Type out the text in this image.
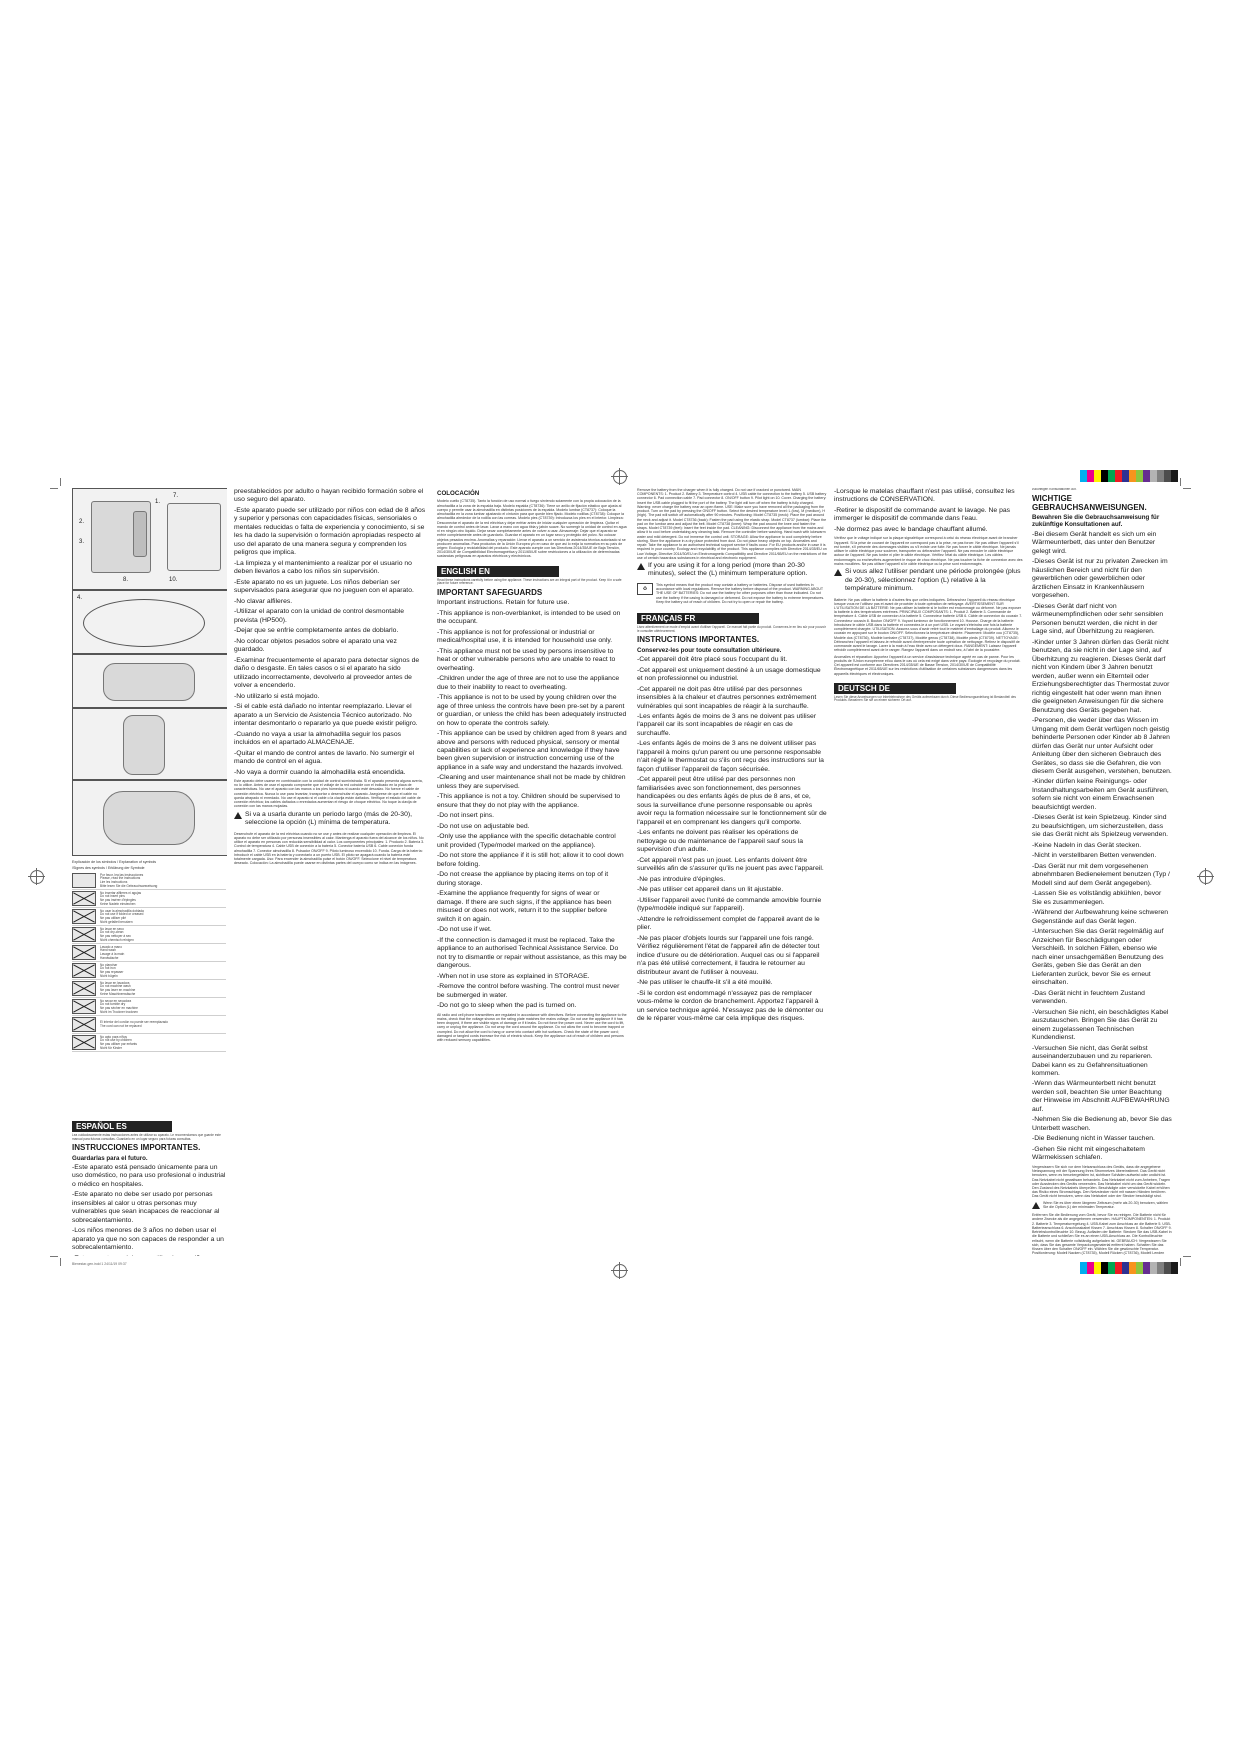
1.
2.
3.
7.
8.	10.
4.

Explicación de los símbolos / Explanation of symbols

/Signes des symbols / Erklärung der Symbole

Por favor, lea las instrucciones
Please, read the instructions
Lire les instructions
Bitte lesen Sie die Gebrauchsanweisung
No insertar alfileres ni agujas
Do not insert pins
Ne pas insérer d'épingles
Keine Nadeln einstechen
No usar la almohadilla doblada
Do not use if folded or creased
Ne pas utiliser plié
Nicht gefaltet benutzen
No lavar en seco
Do not dry-clean
Ne pas nettoyer à sec
Nicht chemisch reinigen
Lavado a mano
Hand wash
Lavage à la main
Handwäsche
No planchar
Do not iron
Ne pas repasser
Nicht bügeln
No lavar en lavadora
Do not machine wash
Ne pas laver en machine
Keine Maschinenwäsche
No secar en secadora
Do not tumble dry
Ne pas sécher en machine
Nicht im Trockner trocknen
El interior del cordón no puede ser reemplazado
The cord can not be replaced
No apto para niños
Do not use by children
Ne pas utiliser par enfants
Nicht für Kinder
ESPAÑOL ES

Lea cuidadosamente estas instrucciones antes de utilizar su aparato. Le recomendamos que guarde este manual para futuras consultas. Guardarlo en un lugar seguro para futuras consultas.

INSTRUCCIONES IMPORTANTES.

Guardarlas para el futuro.

-Este aparato está pensado únicamente para un uso doméstico, no para uso profesional o industrial o médico en hospitales.

-Este aparato no debe ser usado por personas insensibles al calor u otras personas muy vulnerables que sean incapaces de reaccionar al sobrecalentamiento.

-Los niños menores de 3 años no deben usar el aparato ya que no son capaces de responder a un sobrecalentamiento.

preestablecidos por adulto o hayan recibido formación sobre el uso seguro del aparato.

-Este aparato puede ser utilizado por niños con edad de 8 años y superior y personas con capacidades físicas, sensoriales o mentales reducidas o falta de experiencia y conocimiento, si se les ha dado la supervisión o formación apropiadas respecto al uso del aparato de una manera segura y comprenden los peligros que implica.

-La limpieza y el mantenimiento a realizar por el usuario no deben llevarlos a cabo los niños sin supervisión.

-Este aparato no es un juguete. Los niños deberían ser supervisados para asegurar que no jueguen con el aparato.

-No clavar alfileres.

-Utilizar el aparato con la unidad de control desmontable prevista (HP500).

-Dejar que se enfríe completamente antes de doblarlo.

-No colocar objetos pesados sobre el aparato una vez guardado.

-Examinar frecuentemente el aparato para detectar signos de daño o desgaste. En tales casos o si el aparato ha sido utilizado incorrectamente, devolverlo al proveedor antes de volver a encenderlo.

-No utilizarlo si está mojado.

-Si el cable está dañado no intentar reemplazarlo. Llevar el aparato a un Servicio de Asistencia Técnico autorizado. No intentar desmontarlo o repararlo ya que puede existir peligro.

-Cuando no vaya a usar la almohadilla seguir los pasos incluidos en el apartado ALMACENAJE.

-Quitar el mando de control antes de lavarlo. No sumergir el mando de control en el agua.

-No vaya a dormir cuando la almohadilla está encendida.

Este aparato debe usarse en combinación con la unidad de control suministrada. Si el aparato presenta alguna avería, no lo utilice. Antes de usar el aparato compruebe que el voltaje de la red coincide con el indicado en la placa de características. No use el aparato con las manos o los pies húmedos ni cuando esté descalzo. No fuerce el cable de conexión eléctrica. Nunca lo use para levantar, transportar o desenchufar el aparato. Asegúrese de que el cable no queda atrapado ni enredado. No use el aparato si el cable o la clavija están dañados. Verifique el estado del cable de conexión eléctrica; los cables dañados o enredados aumentan el riesgo de choque eléctrico. No toque la clavija de conexión con las manos mojadas.

Si va a usarla durante un periodo largo (más de 20-30), seleccione la opción (L) mínima de temperatura.

Desenchufe el aparato de la red eléctrica cuando no se use y antes de realizar cualquier operación de limpieza. El aparato no debe ser utilizado por personas insensibles al calor. Mantenga el aparato fuera del alcance de los niños. No utilice el aparato en personas con reducida sensibilidad al calor. Los componentes principales: 1. Producto 2. Batería 3. Control de temperatura 4. Cable USB de conexión a la batería 5. Conector batería USB 6. Cable conexión funda almohadilla 7. Conector almohadilla 8. Pulsador ON/OFF 9. Piloto luminoso encendido 10. Funda. Carga de la batería: Introducir el cable USB en la batería y conectarlo a un puerto USB. El piloto se apagará cuando la batería esté totalmente cargada. Uso: Para encender la almohadilla pulse el botón ON/OFF. Seleccione el nivel de temperatura deseado. Colocación: La almohadilla puede usarse en distintas partes del cuerpo como se indica en las imágenes.

COLOCACIÓN

Modelo cuello (CT8735). Tanto la función de uso normal o fuego sirviendo solamente con la propia colocación de la almohadilla a la zona de la espalda baja. Modelo espalda (CT8736): Tiene un anillo de fijación elástico que ajusta al cuerpo y permite usar la almohadilla en distintas posiciones de la espalda. Modelo lumbar (CT8737): Coloque la almohadilla en la zona lumbar ajustando el cinturón para que quede bien fijado. Modelo rodillas (CT8738): Coloque la almohadilla alrededor de la rodilla con las correas. Modelo pies (CT8739): Introduzca los pies en el interior. Limpieza: Desconectar el aparato de la red eléctrica y dejar enfriar antes de iniciar cualquier operación de limpieza. Quitar el mando de control antes de lavar. Lavar a mano con agua tibia y jabón suave. No sumergir la unidad de control en agua ni en ningún otro líquido. Dejar secar completamente antes de volver a usar. Almacenaje: Dejar que el aparato se enfríe completamente antes de guardarlo. Guardar el aparato en un lugar seco y protegido del polvo. No colocar objetos pesados encima. Anomalías y reparación: Llevar el aparato a un servicio de asistencia técnica autorizado si se producen anomalías. Para productos de la Unión Europea y/o en caso de que así lo exija la normativa en su país de origen: Ecología y reciclabilidad del producto. Este aparato cumple con las Directivas 2014/35/UE de Baja Tensión, 2014/30/UE de Compatibilidad Electromagnética y 2011/65/UE sobre restricciones a la utilización de determinadas sustancias peligrosas en aparatos eléctricos y electrónicos.

ENGLISH EN

Read these instructions carefully before using the appliance. These instructions are an integral part of the product. Keep it in a safe place for future reference.

IMPORTANT SAFEGUARDS

Important instructions. Retain for future use.

-This appliance is non-overblanket, is intended to be used on the occupant.

-This appliance is not for professional or industrial or medical/hospital use, it is intended for household use only.

-This appliance must not be used by persons insensitive to heat or other vulnerable persons who are unable to react to overheating.

-Children under the age of three are not to use the appliance due to their inability to react to overheating.

-This appliance is not to be used by young children over the age of three unless the controls have been pre-set by a parent or guardian, or unless the child has been adequately instructed on how to operate the controls safely.

-This appliance can be used by children aged from 8 years and above and persons with reduced physical, sensory or mental capabilities or lack of experience and knowledge if they have been given supervision or instruction concerning use of the appliance in a safe way and understand the hazards involved.

-Cleaning and user maintenance shall not be made by children unless they are supervised.

-This appliance is not a toy. Children should be supervised to ensure that they do not play with the appliance.

-Do not insert pins.

-Do not use on adjustable bed.

-Only use the appliance with the specific detachable control unit provided (Type/model marked on the appliance).

-Do not store the appliance if it is still hot; allow it to cool down before folding.

-Do not crease the appliance by placing items on top of it during storage.

-Examine the appliance frequently for signs of wear or damage. If there are such signs, if the appliance has been misused or does not work, return it to the supplier before switch it on again.

-Do not use if wet.

-If the connection is damaged it must be replaced. Take the appliance to an authorised Technical Assistance Service. Do not try to dismantle or repair without assistance, as this may be dangerous.

-When not in use store as explained in STORAGE.

-Remove the control before washing. The control must never be submerged in water.

-Do not go to sleep when the pad is turned on.

All radio and cell phone transmitters are regulated in accordance with directives. Before connecting the appliance to the mains, check that the voltage shown on the rating plate matches the mains voltage. Do not use the appliance if it has been dropped, if there are visible signs of damage or if it leaks. Do not force the power cord. Never use the cord to lift, carry or unplug the appliance. Do not wrap the cord around the appliance. Do not allow the cord to become trapped or crumpled. Do not allow the cord to hang or come into contact with hot surfaces. Check the state of the power cord; damaged or tangled cords increase the risk of electric shock. Keep the appliance out of reach of children and persons with reduced sensory capabilities.

Remove the battery from the charger when it is fully charged. Do not use if cracked or punctured. MAIN COMPONENTS: 1. Product 2. Battery 3. Temperature control 4. USB cable for connection to the battery 5. USB battery connector 6. Pad connection cable 7. Pad connector 8. ON/OFF button 9. Pilot light on 10. Cover. Charging the battery: Insert the USB cable plugged to fit the port of the battery. The light will turn off when the battery is fully charged. Warning: never charge the battery near an open flame. USE: Make sure you have removed all the packaging from the product. Turn on the pad by pressing the ON/OFF button. Select the desired temperature level: L (low), M (medium), H (high). The pad will switch off automatically after 90 minutes. Positioning: Model CT8735 (neck): Place the pad around the neck and adjust it. Model CT8736 (back): Fasten the pad using the elastic strap. Model CT8737 (lumbar): Place the pad on the lumbar area and adjust the belt. Model CT8738 (knee): Wrap the pad around the knee and fasten the straps. Model CT8739 (feet): Insert the feet inside the pad. CLEANING: Disconnect the appliance from the mains and allow it to cool before undertaking any cleaning task. Remove the controller before washing. Hand wash with lukewarm water and mild detergent. Do not immerse the control unit. STORAGE: Allow the appliance to cool completely before storing. Store the appliance in a dry place protected from dust. Do not place heavy objects on top. Anomalies and repair: Take the appliance to an authorised technical support service if faults occur. For EU products and/or in case it is required in your country: Ecology and recyclability of the product. This appliance complies with Directive 2014/35/EU on Low Voltage, Directive 2014/30/EU on Electromagnetic Compatibility and Directive 2011/65/EU on the restrictions of the use of certain hazardous substances in electrical and electronic equipment.

If you are using it for a long period (more than 20-30 minutes), select the (L) minimum temperature option.

♻

This symbol means that the product may contain a battery or batteries. Dispose of used batteries in accordance with local regulations. Remove the battery before disposal of the product. WARNING ABOUT THE USE OF BATTERIES: Do not use the battery for other purposes other than those indicated. Do not use the battery if the casing is damaged or deformed. Do not expose the battery to extreme temperatures. Keep the battery out of reach of children. Do not try to open or repair the battery.

FRANÇAIS FR

Lisez attentivement ce mode d'emploi avant d'utiliser l'appareil. Ce manuel fait partie du produit. Conservez-le en lieu sûr pour pouvoir le consulter ultérieurement.

INSTRUCTIONS IMPORTANTES.

Conservez-les pour toute consultation ultérieure.

-Cet appareil doit être placé sous l'occupant du lit.

-Cet appareil est uniquement destiné à un usage domestique et non professionnel ou industriel.

-Cet appareil ne doit pas être utilisé par des personnes insensibles à la chaleur et d'autres personnes extrêmement vulnérables qui sont incapables de réagir à la surchauffe.

-Les enfants âgés de moins de 3 ans ne doivent pas utiliser l'appareil car ils sont incapables de réagir en cas de surchauffe.

-Les enfants âgés de moins de 3 ans ne doivent utiliser pas l'appareil à moins qu'un parent ou une personne responsable n'ait réglé le thermostat ou s'ils ont reçu des instructions sur la façon d'utiliser l'appareil de façon sécurisée.

-Cet appareil peut être utilisé par des personnes non familiarisées avec son fonctionnement, des personnes handicapées ou des enfants âgés de plus de 8 ans, et ce, sous la surveillance d'une personne responsable ou après avoir reçu la formation nécessaire sur le fonctionnement sûr de l'appareil et en comprenant les dangers qu'il comporte.

-Les enfants ne doivent pas réaliser les opérations de nettoyage ou de maintenance de l'appareil sauf sous la supervision d'un adulte.

-Cet appareil n'est pas un jouet. Les enfants doivent être surveillés afin de s'assurer qu'ils ne jouent pas avec l'appareil.

-Ne pas introduire d'épingles.

-Ne pas utiliser cet appareil dans un lit ajustable.

-Utiliser l'appareil avec l'unité de commande amovible fournie (type/modèle indiqué sur l'appareil).

-Attendre le refroidissement complet de l'appareil avant de le plier.

-Ne pas placer d'objets lourds sur l'appareil une fois rangé. Vérifiez régulièrement l'état de l'appareil afin de détecter tout indice d'usure ou de détérioration. Auquel cas ou si l'appareil n'a pas été utilisé correctement, il faudra le retourner au distributeur avant de l'utiliser à nouveau.

-Ne pas utiliser le chauffe-lit s'il a été mouillé.

-Si le cordon est endommagé n'essayez pas de remplacer vous-même le cordon de branchement. Apportez l'appareil à un service technique agréé. N'essayez pas de le démonter ou de le réparer vous-même car cela implique des risques.

-Lorsque le matelas chauffant n'est pas utilisé, consultez les instructions de CONSERVATION.

-Retirer le dispositif de commande avant le lavage. Ne pas immerger le dispositif de commande dans l'eau.

-Ne dormez pas avec le bandage chauffant allumé.

Vérifiez que le voltage indiqué sur la plaque signalétique correspond à celui du réseau électrique avant de brancher l'appareil. Si la prise de courant de l'appareil ne correspond pas à la prise, ne pas forcer. Ne pas utiliser l'appareil s'il est tombé, s'il présente des dommages visibles ou s'il existe une fuite. Ne pas forcer le câble électrique. Ne jamais utiliser le câble électrique pour soulever, transporter ou débrancher l'appareil. Ne pas enrouler le câble électrique autour de l'appareil. Ne pas tordre ni plier le câble électrique. Vérifiez l'état du câble électrique. Les câbles endommagés ou enchevêtrés augmentent le risque de choc électrique. Ne pas toucher la fiche de connexion avec des mains mouillées. Ne pas utiliser l'appareil si le câble électrique ou la prise sont endommagés.

Si vous allez l'utiliser pendant une période prolongée (plus de 20-30), sélectionnez l'option (L) relative à la température minimum.

Batterie: Ne pas utiliser la batterie à d'autres fins que celles indiquées. Débranchez l'appareil du réseau électrique lorsque vous ne l'utilisez pas et avant de procéder à toute opération de nettoyage. AVERTISSEMENT SUR L'UTILISATION DE LA BATTERIE: Ne pas utiliser la batterie si le boîtier est endommagé ou déformé. Ne pas exposer la batterie à des températures extrêmes. PRINCIPAUX COMPOSANTS: 1. Produit 2. Batterie 3. Commande de température 4. Câble USB de connexion à la batterie 5. Connecteur batterie USB 6. Câble de connexion du coussin 7. Connecteur coussin 8. Bouton ON/OFF 9. Voyant lumineux de fonctionnement 10. Housse. Charge de la batterie: Introduisez le câble USB dans la batterie et connectez-le à un port USB. Le voyant s'éteindra une fois la batterie complètement chargée. UTILISATION: Assurez-vous d'avoir retiré tout le matériel d'emballage du produit. Allumez le coussin en appuyant sur le bouton ON/OFF. Sélectionnez la température désirée. Placement: Modèle cou (CT8735), Modèle dos (CT8736), Modèle lombaire (CT8737), Modèle genou (CT8738), Modèle pieds (CT8739). NETTOYAGE: Débranchez l'appareil et laissez-le refroidir avant d'entreprendre toute opération de nettoyage. Retirez le dispositif de commande avant le lavage. Laver à la main à l'eau tiède avec un détergent doux. RANGEMENT: Laissez l'appareil refroidir complètement avant de le ranger. Rangez l'appareil dans un endroit sec, à l'abri de la poussière.

Anomalies et réparation: Apportez l'appareil à un service d'assistance technique agréé en cas de panne. Pour les produits de l'Union européenne et/ou dans le cas où cela est exigé dans votre pays: Écologie et recyclage du produit. Cet appareil est conforme aux Directives 2014/35/UE de Basse Tension, 2014/30/UE de Compatibilité Électromagnétique et 2011/65/UE sur les restrictions d'utilisation de certaines substances dangereuses dans les appareils électriques et électroniques.

DEUTSCH DE

Lesen Sie diese Anweisungen vor Inbetriebnahme des Geräts aufmerksam durch. Diese Bedienungsanleitung ist Bestandteil des Produkts. Bewahren Sie sie an einem sicheren Ort auf.

zukünftigen Konsultationen auf.

WICHTIGE GEBRAUCHSANWEISUNGEN.

Bewahren Sie die Gebrauchsanweisung für zukünftige Konsultationen auf.

-Bei diesem Gerät handelt es sich um ein Wärmeunterbett, das unter den Benutzer gelegt wird.

-Dieses Gerät ist nur zu privaten Zwecken im häuslichen Bereich und nicht für den gewerblichen oder gewerblichen oder ärztlichen Einsatz in Krankenhäusern vorgesehen.

-Dieses Gerät darf nicht von wärmeunempfindlichen oder sehr sensiblen Personen benutzt werden, die nicht in der Lage sind, auf Überhitzung zu reagieren.

-Kinder unter 3 Jahren dürfen das Gerät nicht benutzen, da sie nicht in der Lage sind, auf Überhitzung zu reagieren. Dieses Gerät darf nicht von Kindern über 3 Jahren benutzt werden, außer wenn ein Elternteil oder Erziehungsberechtigter das Thermostat zuvor richtig eingestellt hat oder wenn man ihnen die geeigneten Anweisungen für die sichere Benutzung des Geräts gegeben hat.

-Personen, die weder über das Wissen im Umgang mit dem Gerät verfügen noch geistig behinderte Personen oder Kinder ab 8 Jahren dürfen das Gerät nur unter Aufsicht oder Anleitung über den sicheren Gebrauch des Gerätes, so dass sie die Gefahren, die von diesem Gerät ausgehen, verstehen, benutzen.

-Kinder dürfen keine Reinigungs- oder Instandhaltungsarbeiten am Gerät ausführen, sofern sie nicht von einem Erwachsenen beaufsichtigt werden.

-Dieses Gerät ist kein Spielzeug. Kinder sind zu beaufsichtigen, um sicherzustellen, dass sie das Gerät nicht als Spielzeug verwenden.

-Keine Nadeln in das Gerät stecken.

-Nicht in verstellbaren Betten verwenden.

-Das Gerät nur mit dem vorgesehenen abnehmbaren Bedienelement benutzen (Typ / Modell sind auf dem Gerät angegeben).

-Lassen Sie es vollständig abkühlen, bevor Sie es zusammenlegen.

-Während der Aufbewahrung keine schweren Gegenstände auf das Gerät legen.

-Untersuchen Sie das Gerät regelmäßig auf Anzeichen für Beschädigungen oder Verschleiß. In solchen Fällen, ebenso wie nach einer unsachgemäßen Benutzung des Geräts, geben Sie das Gerät an den Lieferanten zurück, bevor Sie es erneut einschalten.

-Das Gerät nicht in feuchtem Zustand verwenden.

-Versuchen Sie nicht, ein beschädigtes Kabel auszutauschen. Bringen Sie das Gerät zu einem zugelassenen Technischen Kundendienst.

-Versuchen Sie nicht, das Gerät selbst auseinanderzubauen und zu reparieren. Dabei kann es zu Gefahrensituationen kommen.

-Wenn das Wärmeunterbett nicht benutzt werden soll, beachten Sie unter Beachtung der Hinweise im Abschnitt AUFBEWAHRUNG auf.

-Nehmen Sie die Bedienung ab, bevor Sie das Unterbett waschen.

-Die Bedienung nicht in Wasser tauchen.

-Gehen Sie nicht mit eingeschaltetem Wärmekissen schlafen.

Vergewissern Sie sich vor dem Netzanschluss des Geräts, dass die angegebene Netzspannung mit der Spannung Ihres Stromnetzes übereinstimmt. Das Gerät nicht benutzen, wenn es heruntergefallen ist, sichtbare Schäden aufweist oder undicht ist. Das Netzkabel nicht gewaltsam behandeln. Das Netzkabel nicht zum Anheben, Tragen oder Ausstecken des Geräts verwenden. Das Netzkabel nicht um das Gerät wickeln. Den Zustand des Netzkabels überprüfen. Beschädigte oder verwickelte Kabel erhöhen das Risiko eines Stromschlags. Den Netzstecker nicht mit nassen Händen berühren. Das Gerät nicht benutzen, wenn das Netzkabel oder der Stecker beschädigt sind.

Wenn Sie es über einen längeren Zeitraum (mehr als 20-30) benutzen, wählen Sie die Option (L) der minimalen Temperatur.

Entfernen Sie die Bedienung vom Gerät, bevor Sie es reinigen. Die Batterie nicht für andere Zwecke als die angegebenen verwenden. HAUPTKOMPONENTEN: 1. Produkt 2. Batterie 3. Temperaturregelung 4. USB-Kabel zum Anschluss an die Batterie 5. USB-Batterieanschluss 6. Anschlusskabel Kissen 7. Anschluss Kissen 8. Schalter ON/OFF 9. Betriebskontrollleuchte 10. Bezug. Aufladen der Batterie: Stecken Sie das USB-Kabel in die Batterie und schließen Sie es an einen USB-Anschluss an. Die Kontrollleuchte erlischt, wenn die Batterie vollständig aufgeladen ist. GEBRAUCH: Vergewissern Sie sich, dass Sie das gesamte Verpackungsmaterial entfernt haben. Schalten Sie das Kissen über den Schalter ON/OFF ein. Wählen Sie die gewünschte Temperatur. Positionierung: Modell Nacken (CT8735), Modell Rücken (CT8736), Modell Lenden

Bienestar-gen.indd 1 24/11/19 09:37
